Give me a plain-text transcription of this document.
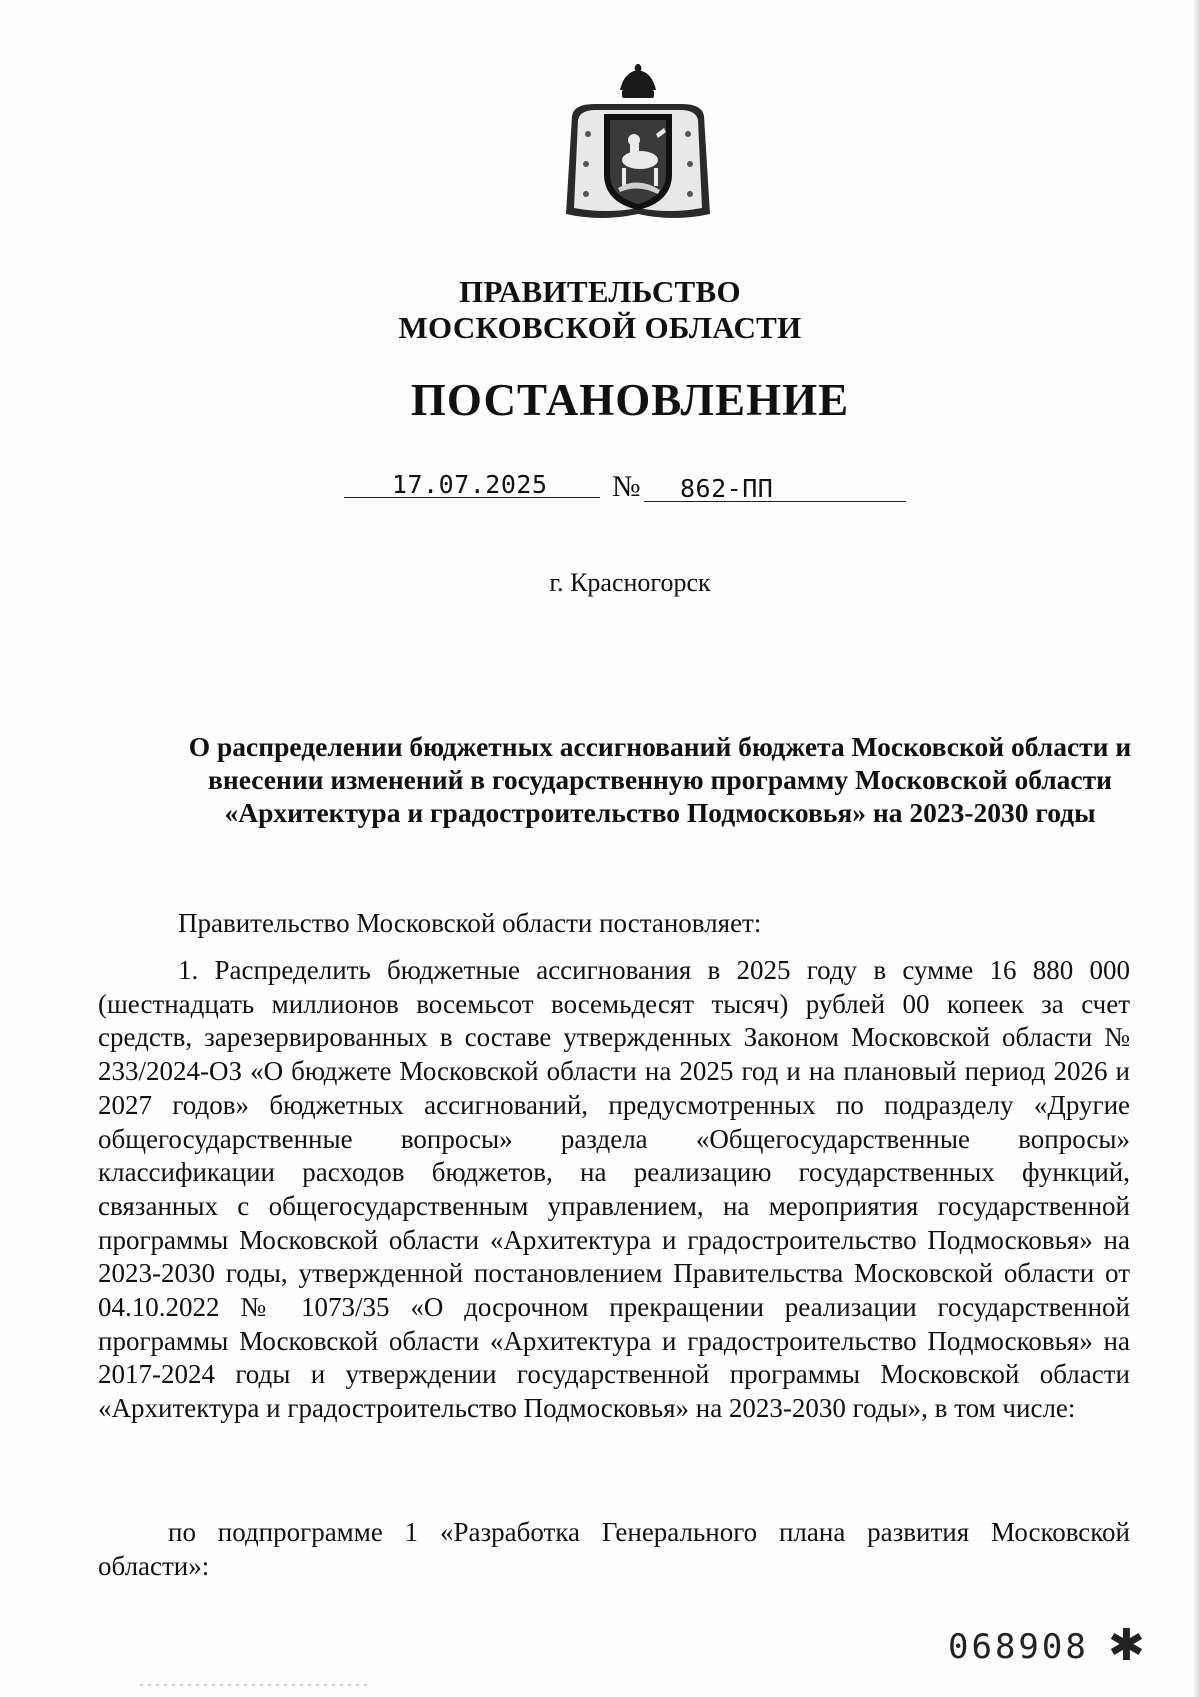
ПРАВИТЕЛЬСТВО
МОСКОВСКОЙ ОБЛАСТИ
ПОСТАНОВЛЕНИЕ
17.07.2025 № 862-ПП
г. Красногорск
О распределении бюджетных ассигнований бюджета Московской области и внесении изменений в государственную программу Московской области «Архитектура и градостроительство Подмосковья» на 2023-2030 годы
Правительство Московской области постановляет:
1. Распределить бюджетные ассигнования в 2025 году в сумме 16 880 000 (шестнадцать миллионов восемьсот восемьдесят тысяч) рублей 00 копеек за счет средств, зарезервированных в составе утвержденных Законом Московской области № 233/2024-ОЗ «О бюджете Московской области на 2025 год и на плановый период 2026 и 2027 годов» бюджетных ассигнований, предусмотренных по подразделу «Другие общегосударственные вопросы» раздела «Общегосударственные вопросы» классификации расходов бюджетов, на реализацию государственных функций, связанных с общегосударственным управлением, на мероприятия государственной программы Московской области «Архитектура и градостроительство Подмосковья» на 2023-2030 годы, утвержденной постановлением Правительства Московской области от 04.10.2022 № 1073/35 «О досрочном прекращении реализации государственной программы Московской области «Архитектура и градостроительство Подмосковья» на 2017-2024 годы и утверждении государственной программы Московской области «Архитектура и градостроительство Подмосковья» на 2023-2030 годы», в том числе:
по подпрограмме 1 «Разработка Генерального плана развития Московской области»:
068908 ✱
